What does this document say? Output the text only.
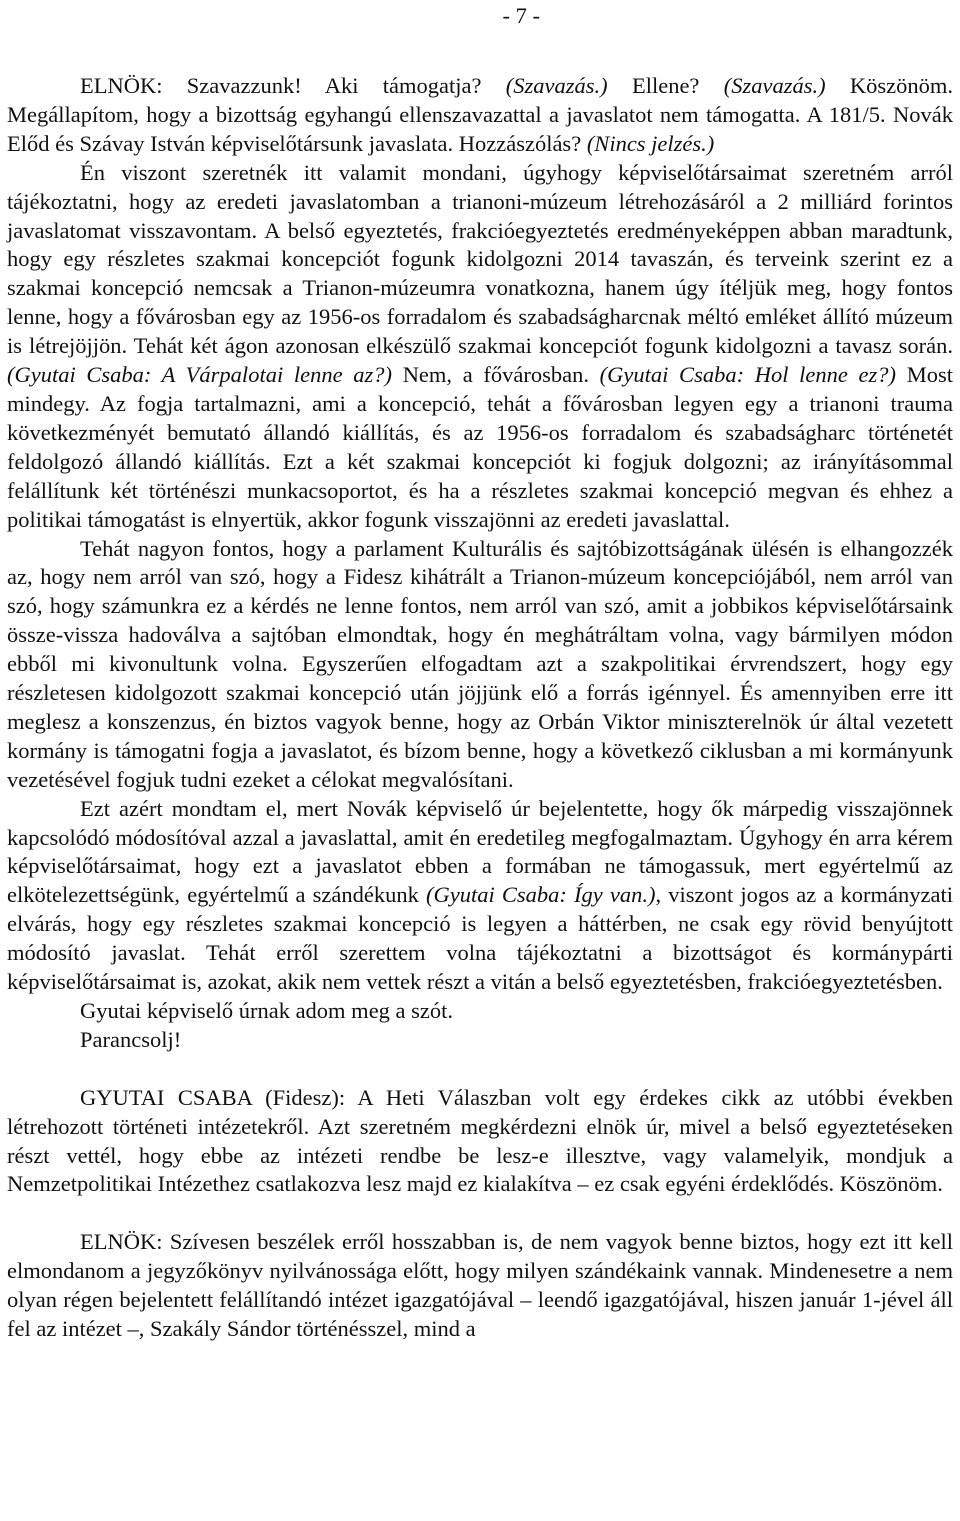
- 7 -

ELNÖK: Szavazzunk! Aki támogatja? (Szavazás.) Ellene? (Szavazás.) Köszönöm. Megállapítom, hogy a bizottság egyhangú ellenszavazattal a javaslatot nem támogatta. A 181/5. Novák Előd és Szávay István képviselőtársunk javaslata. Hozzászólás? (Nincs jelzés.)

Én viszont szeretnék itt valamit mondani, úgyhogy képviselőtársaimat szeretném arról tájékoztatni, hogy az eredeti javaslatomban a trianoni-múzeum létrehozásáról a 2 milliárd forintos javaslatomat visszavontam. A belső egyeztetés, frakcióegyeztetés eredményeképpen abban maradtunk, hogy egy részletes szakmai koncepciót fogunk kidolgozni 2014 tavaszán, és terveink szerint ez a szakmai koncepció nemcsak a Trianon-múzeumra vonatkozna, hanem úgy ítéljük meg, hogy fontos lenne, hogy a fővárosban egy az 1956-os forradalom és szabadságharcnak méltó emléket állító múzeum is létrejöjjön. Tehát két ágon azonosan elkészülő szakmai koncepciót fogunk kidolgozni a tavasz során. (Gyutai Csaba: A Várpalotai lenne az?) Nem, a fővárosban. (Gyutai Csaba: Hol lenne ez?) Most mindegy. Az fogja tartalmazni, ami a koncepció, tehát a fővárosban legyen egy a trianoni trauma következményét bemutató állandó kiállítás, és az 1956-os forradalom és szabadságharc történetét feldolgozó állandó kiállítás. Ezt a két szakmai koncepciót ki fogjuk dolgozni; az irányításommal felállítunk két történészi munkacsoportot, és ha a részletes szakmai koncepció megvan és ehhez a politikai támogatást is elnyertük, akkor fogunk visszajönni az eredeti javaslattal.

Tehát nagyon fontos, hogy a parlament Kulturális és sajtóbizottságának ülésén is elhangozzék az, hogy nem arról van szó, hogy a Fidesz kihátrált a Trianon-múzeum koncepciójából, nem arról van szó, hogy számunkra ez a kérdés ne lenne fontos, nem arról van szó, amit a jobbikos képviselőtársaink össze-vissza hadoválva a sajtóban elmondtak, hogy én meghátráltam volna, vagy bármilyen módon ebből mi kivonultunk volna. Egyszerűen elfogadtam azt a szakpolitikai érvrendszert, hogy egy részletesen kidolgozott szakmai koncepció után jöjjünk elő a forrás igénnyel. És amennyiben erre itt meglesz a konszenzus, én biztos vagyok benne, hogy az Orbán Viktor miniszterelnök úr által vezetett kormány is támogatni fogja a javaslatot, és bízom benne, hogy a következő ciklusban a mi kormányunk vezetésével fogjuk tudni ezeket a célokat megvalósítani.

Ezt azért mondtam el, mert Novák képviselő úr bejelentette, hogy ők márpedig visszajönnek kapcsolódó módosítóval azzal a javaslattal, amit én eredetileg megfogalmaztam. Úgyhogy én arra kérem képviselőtársaimat, hogy ezt a javaslatot ebben a formában ne támogassuk, mert egyértelmű az elkötelezettségünk, egyértelmű a szándékunk (Gyutai Csaba: Így van.), viszont jogos az a kormányzati elvárás, hogy egy részletes szakmai koncepció is legyen a háttérben, ne csak egy rövid benyújtott módosító javaslat. Tehát erről szerettem volna tájékoztatni a bizottságot és kormánypárti képviselőtársaimat is, azokat, akik nem vettek részt a vitán a belső egyeztetésben, frakcióegyeztetésben.

Gyutai képviselő úrnak adom meg a szót.

Parancsolj!

GYUTAI CSABA (Fidesz): A Heti Válaszban volt egy érdekes cikk az utóbbi években létrehozott történeti intézetekről. Azt szeretném megkérdezni elnök úr, mivel a belső egyeztetéseken részt vettél, hogy ebbe az intézeti rendbe be lesz-e illesztve, vagy valamelyik, mondjuk a Nemzetpolitikai Intézethez csatlakozva lesz majd ez kialakítva – ez csak egyéni érdeklődés. Köszönöm.

ELNÖK: Szívesen beszélek erről hosszabban is, de nem vagyok benne biztos, hogy ezt itt kell elmondanom a jegyzőkönyv nyilvánossága előtt, hogy milyen szándékaink vannak. Mindenesetre a nem olyan régen bejelentett felállítandó intézet igazgatójával – leendő igazgatójával, hiszen január 1-jével áll fel az intézet –, Szakály Sándor történésszel, mind a
